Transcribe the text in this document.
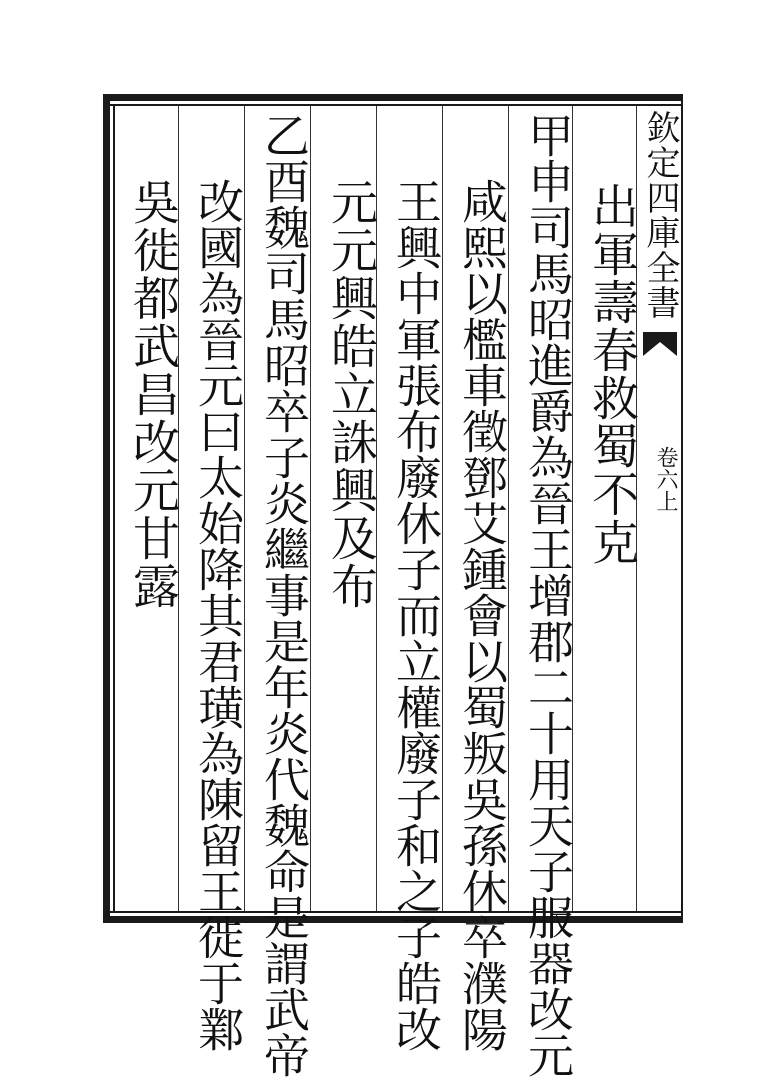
欽定四庫全書
卷六上
出軍壽春救蜀不克
甲申司馬昭進爵為晉王增郡二十用天子服器改元
咸熙以檻車徵鄧艾鍾會以蜀叛吳孫休卒濮陽
王興中軍張布廢休子而立權廢子和之子皓改
元元興皓立誅興及布
乙酉魏司馬昭卒子炎繼事是年炎代魏命是謂武帝
改國為晉元曰太始降其君璜為陳留王徙于鄴
吳徙都武昌改元甘露
